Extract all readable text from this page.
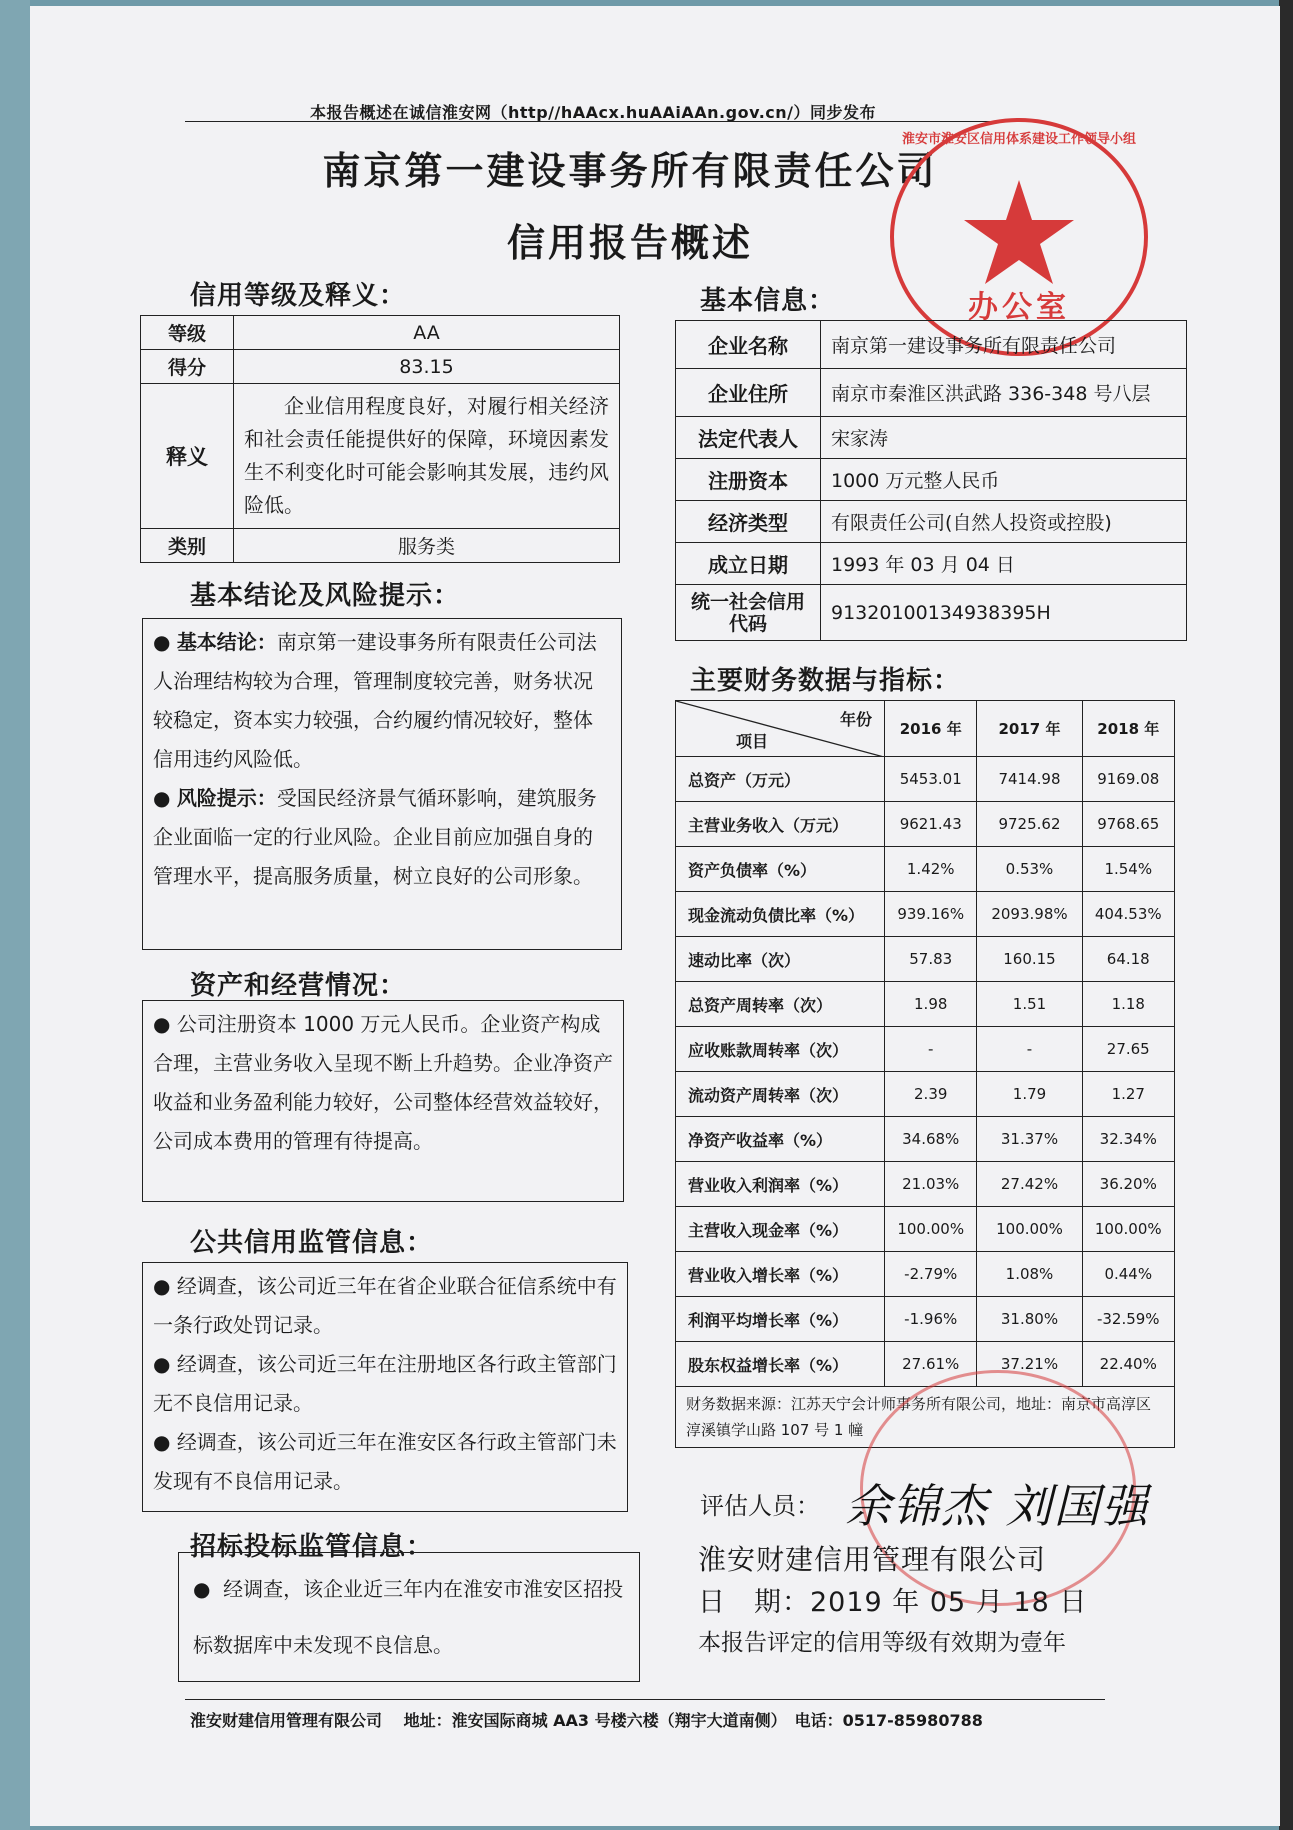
本报告概述在诚信淮安网（http//hAAcx.huAAiAAn.gov.cn/）同步发布
南京第一建设事务所有限责任公司
信用报告概述
淮安市淮安区信用体系建设工作领导小组
办公室
信用等级及释义：
等级	AA
得分	83.15
释义	企业信用程度良好，对履行相关经济和社会责任能提供好的保障，环境因素发生不利变化时可能会影响其发展，违约风险低。
类别	服务类
基本结论及风险提示：
● 基本结论：南京第一建设事务所有限责任公司法人治理结构较为合理，管理制度较完善，财务状况较稳定，资本实力较强，合约履约情况较好，整体信用违约风险低。
● 风险提示：受国民经济景气循环影响，建筑服务企业面临一定的行业风险。企业目前应加强自身的管理水平，提高服务质量，树立良好的公司形象。
资产和经营情况：
● 公司注册资本 1000 万元人民币。企业资产构成合理，主营业务收入呈现不断上升趋势。企业净资产收益和业务盈利能力较好，公司整体经营效益较好，公司成本费用的管理有待提高。
公共信用监管信息：
● 经调查，该公司近三年在省企业联合征信系统中有一条行政处罚记录。
● 经调查，该公司近三年在注册地区各行政主管部门无不良信用记录。
● 经调查，该公司近三年在淮安区各行政主管部门未发现有不良信用记录。
招标投标监管信息：
● 经调查，该企业近三年内在淮安市淮安区招投标数据库中未发现不良信息。
基本信息：
企业名称	南京第一建设事务所有限责任公司
企业住所	南京市秦淮区洪武路 336-348 号八层
法定代表人	宋家涛
注册资本	1000 万元整人民币
经济类型	有限责任公司(自然人投资或控股)
成立日期	1993 年 03 月 04 日
统一社会信用代码	91320100134938395H
主要财务数据与指标：
年份
项目	2016 年	2017 年	2018 年
总资产（万元）	5453.01	7414.98	9169.08
主营业务收入（万元）	9621.43	9725.62	9768.65
资产负债率（%）	1.42%	0.53%	1.54%
现金流动负债比率（%）	939.16%	2093.98%	404.53%
速动比率（次）	57.83	160.15	64.18
总资产周转率（次）	1.98	1.51	1.18
应收账款周转率（次）	-	-	27.65
流动资产周转率（次）	2.39	1.79	1.27
净资产收益率（%）	34.68%	31.37%	32.34%
营业收入利润率（%）	21.03%	27.42%	36.20%
主营收入现金率（%）	100.00%	100.00%	100.00%
营业收入增长率（%）	-2.79%	1.08%	0.44%
利润平均增长率（%）	-1.96%	31.80%	-32.59%
股东权益增长率（%）	27.61%	37.21%	22.40%
财务数据来源：江苏天宁会计师事务所有限公司，地址：南京市高淳区淳溪镇学山路 107 号 1 幢			
评估人员： 余锦杰 刘国强
淮安财建信用管理有限公司
日　期：2019 年 05 月 18 日
本报告评定的信用等级有效期为壹年
淮安财建信用管理有限公司　 地址：淮安国际商城 AA3 号楼六楼（翔宇大道南侧）　电话：0517-85980788
